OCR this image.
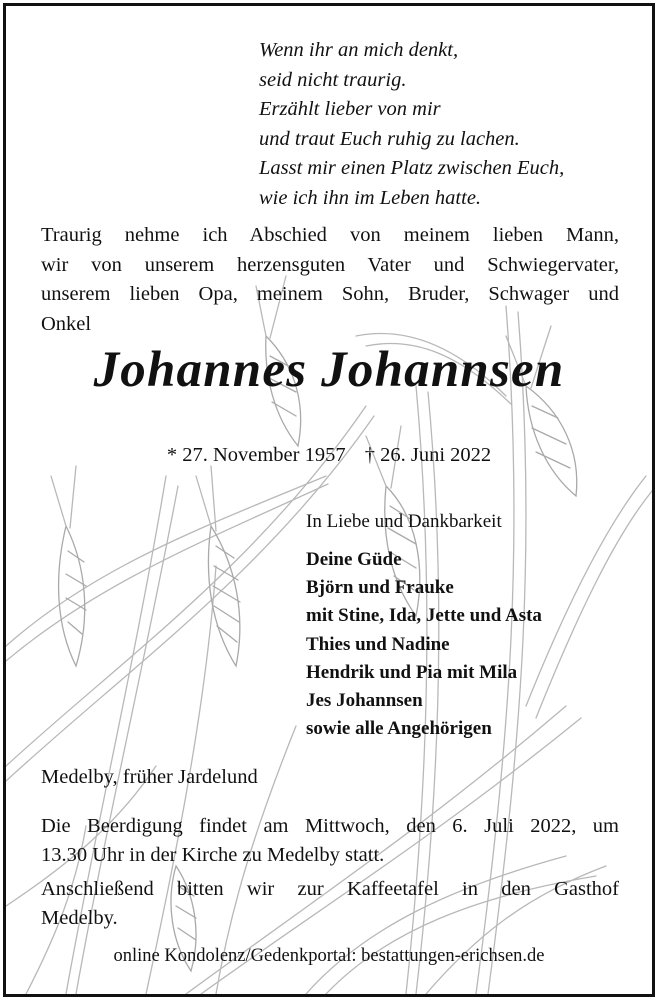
Wenn ihr an mich denkt,
seid nicht traurig.
Erzählt lieber von mir
und traut Euch ruhig zu lachen.
Lasst mir einen Platz zwischen Euch,
wie ich ihn im Leben hatte.
Traurig nehme ich Abschied von meinem lieben Mann,
wir von unserem herzensguten Vater und Schwiegervater,
unserem lieben Opa, meinem Sohn, Bruder, Schwager und
Onkel
Johannes Johannsen
* 27. November 1957 † 26. Juni 2022
In Liebe und Dankbarkeit
Deine Güde
Björn und Frauke
mit Stine, Ida, Jette und Asta
Thies und Nadine
Hendrik und Pia mit Mila
Jes Johannsen
sowie alle Angehörigen
Medelby, früher Jardelund
Die Beerdigung findet am Mittwoch, den 6. Juli 2022, um
13.30 Uhr in der Kirche zu Medelby statt.
Anschließend bitten wir zur Kaffeetafel in den Gasthof
Medelby.
online Kondolenz/Gedenkportal: bestattungen-erichsen.de
